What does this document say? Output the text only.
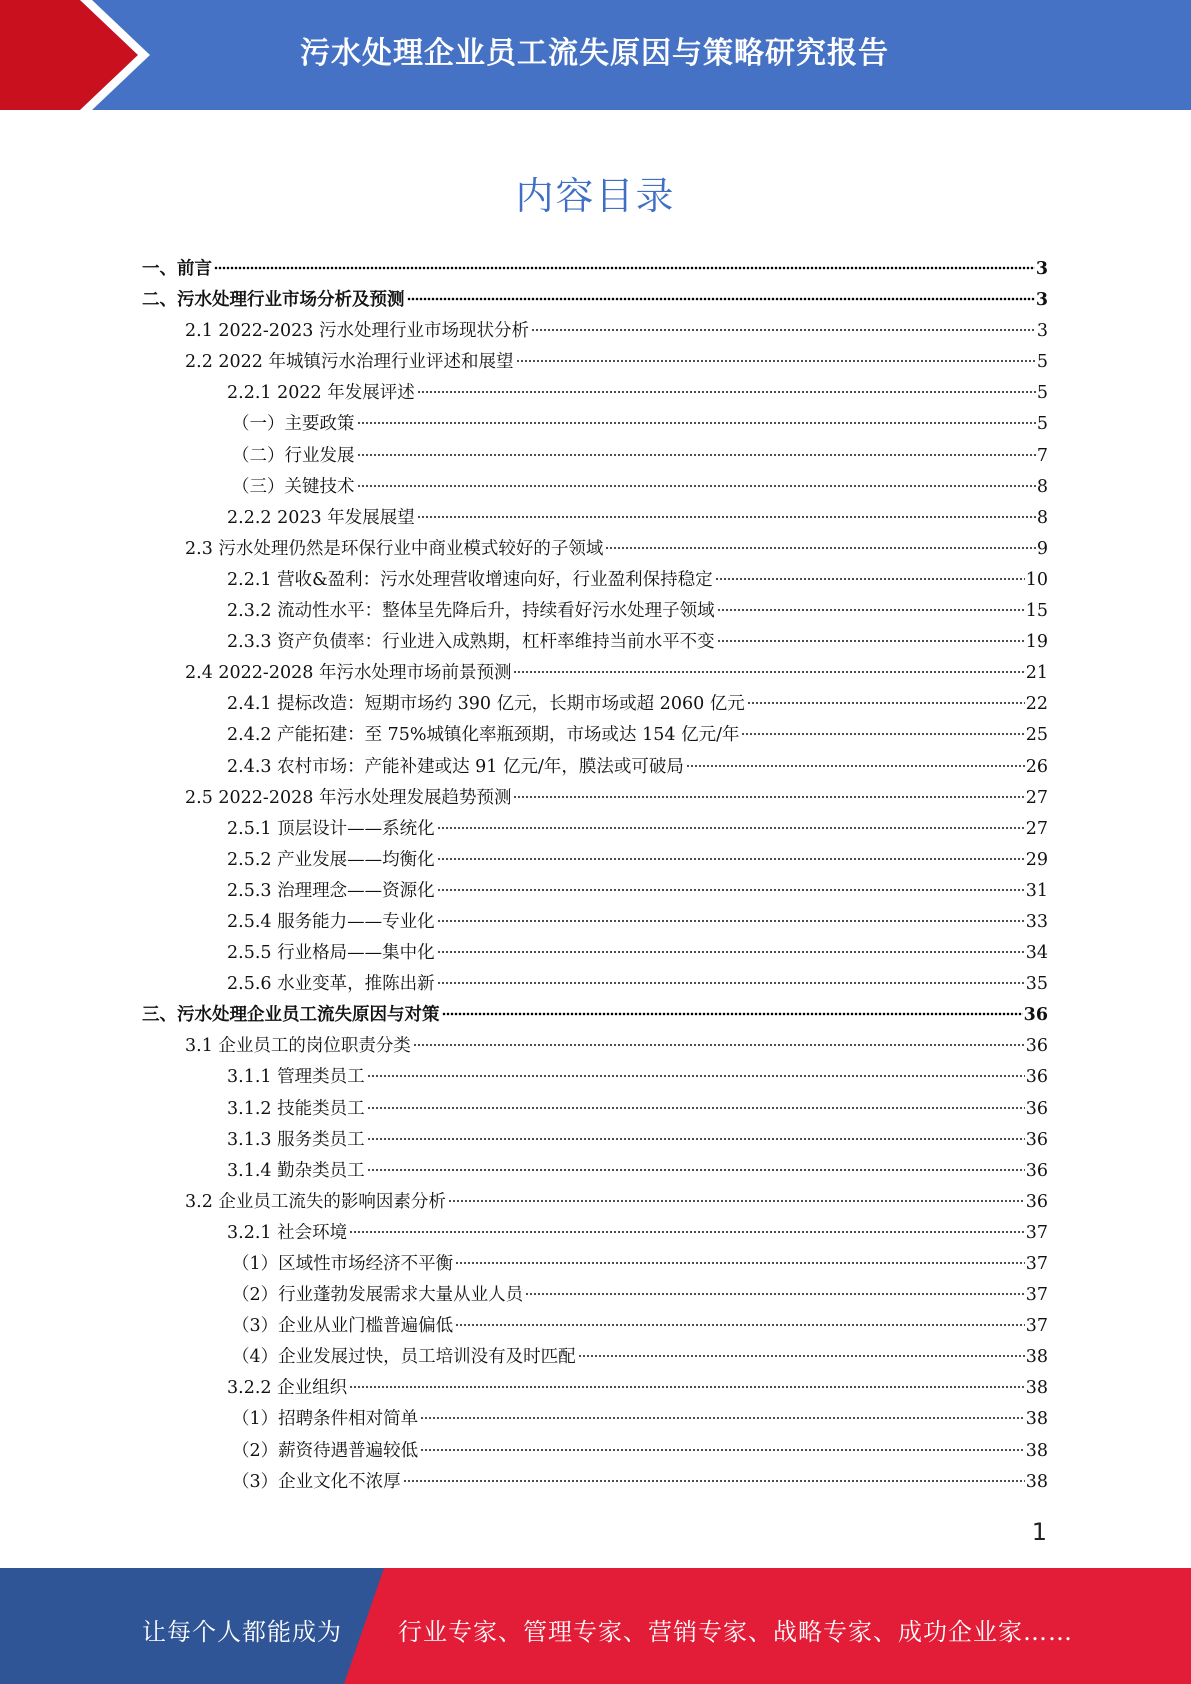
污水处理企业员工流失原因与策略研究报告
内容目录
一、前言	3
二、污水处理行业市场分析及预测	3
2.1 2022-2023 污水处理行业市场现状分析	3
2.2 2022 年城镇污水治理行业评述和展望	5
2.2.1 2022 年发展评述	5
（一）主要政策	5
（二）行业发展	7
（三）关键技术	8
2.2.2 2023 年发展展望	8
2.3 污水处理仍然是环保行业中商业模式较好的子领域	9
2.2.1 营收&盈利：污水处理营收增速向好，行业盈利保持稳定	10
2.3.2 流动性水平：整体呈先降后升，持续看好污水处理子领域	15
2.3.3 资产负债率：行业进入成熟期，杠杆率维持当前水平不变	19
2.4 2022-2028 年污水处理市场前景预测	21
2.4.1 提标改造：短期市场约 390 亿元，长期市场或超 2060 亿元	22
2.4.2 产能拓建：至 75%城镇化率瓶颈期，市场或达 154 亿元/年	25
2.4.3 农村市场：产能补建或达 91 亿元/年，膜法或可破局	26
2.5 2022-2028 年污水处理发展趋势预测	27
2.5.1 顶层设计——系统化	27
2.5.2 产业发展——均衡化	29
2.5.3 治理理念——资源化	31
2.5.4 服务能力——专业化	33
2.5.5 行业格局——集中化	34
2.5.6 水业变革，推陈出新	35
三、污水处理企业员工流失原因与对策	36
3.1 企业员工的岗位职责分类	36
3.1.1 管理类员工	36
3.1.2 技能类员工	36
3.1.3 服务类员工	36
3.1.4 勤杂类员工	36
3.2 企业员工流失的影响因素分析	36
3.2.1 社会环境	37
（1）区域性市场经济不平衡	37
（2）行业蓬勃发展需求大量从业人员	37
（3）企业从业门槛普遍偏低	37
（4）企业发展过快，员工培训没有及时匹配	38
3.2.2 企业组织	38
（1）招聘条件相对简单	38
（2）薪资待遇普遍较低	38
（3）企业文化不浓厚	38
1
让每个人都能成为 行业专家、管理专家、营销专家、战略专家、成功企业家……
